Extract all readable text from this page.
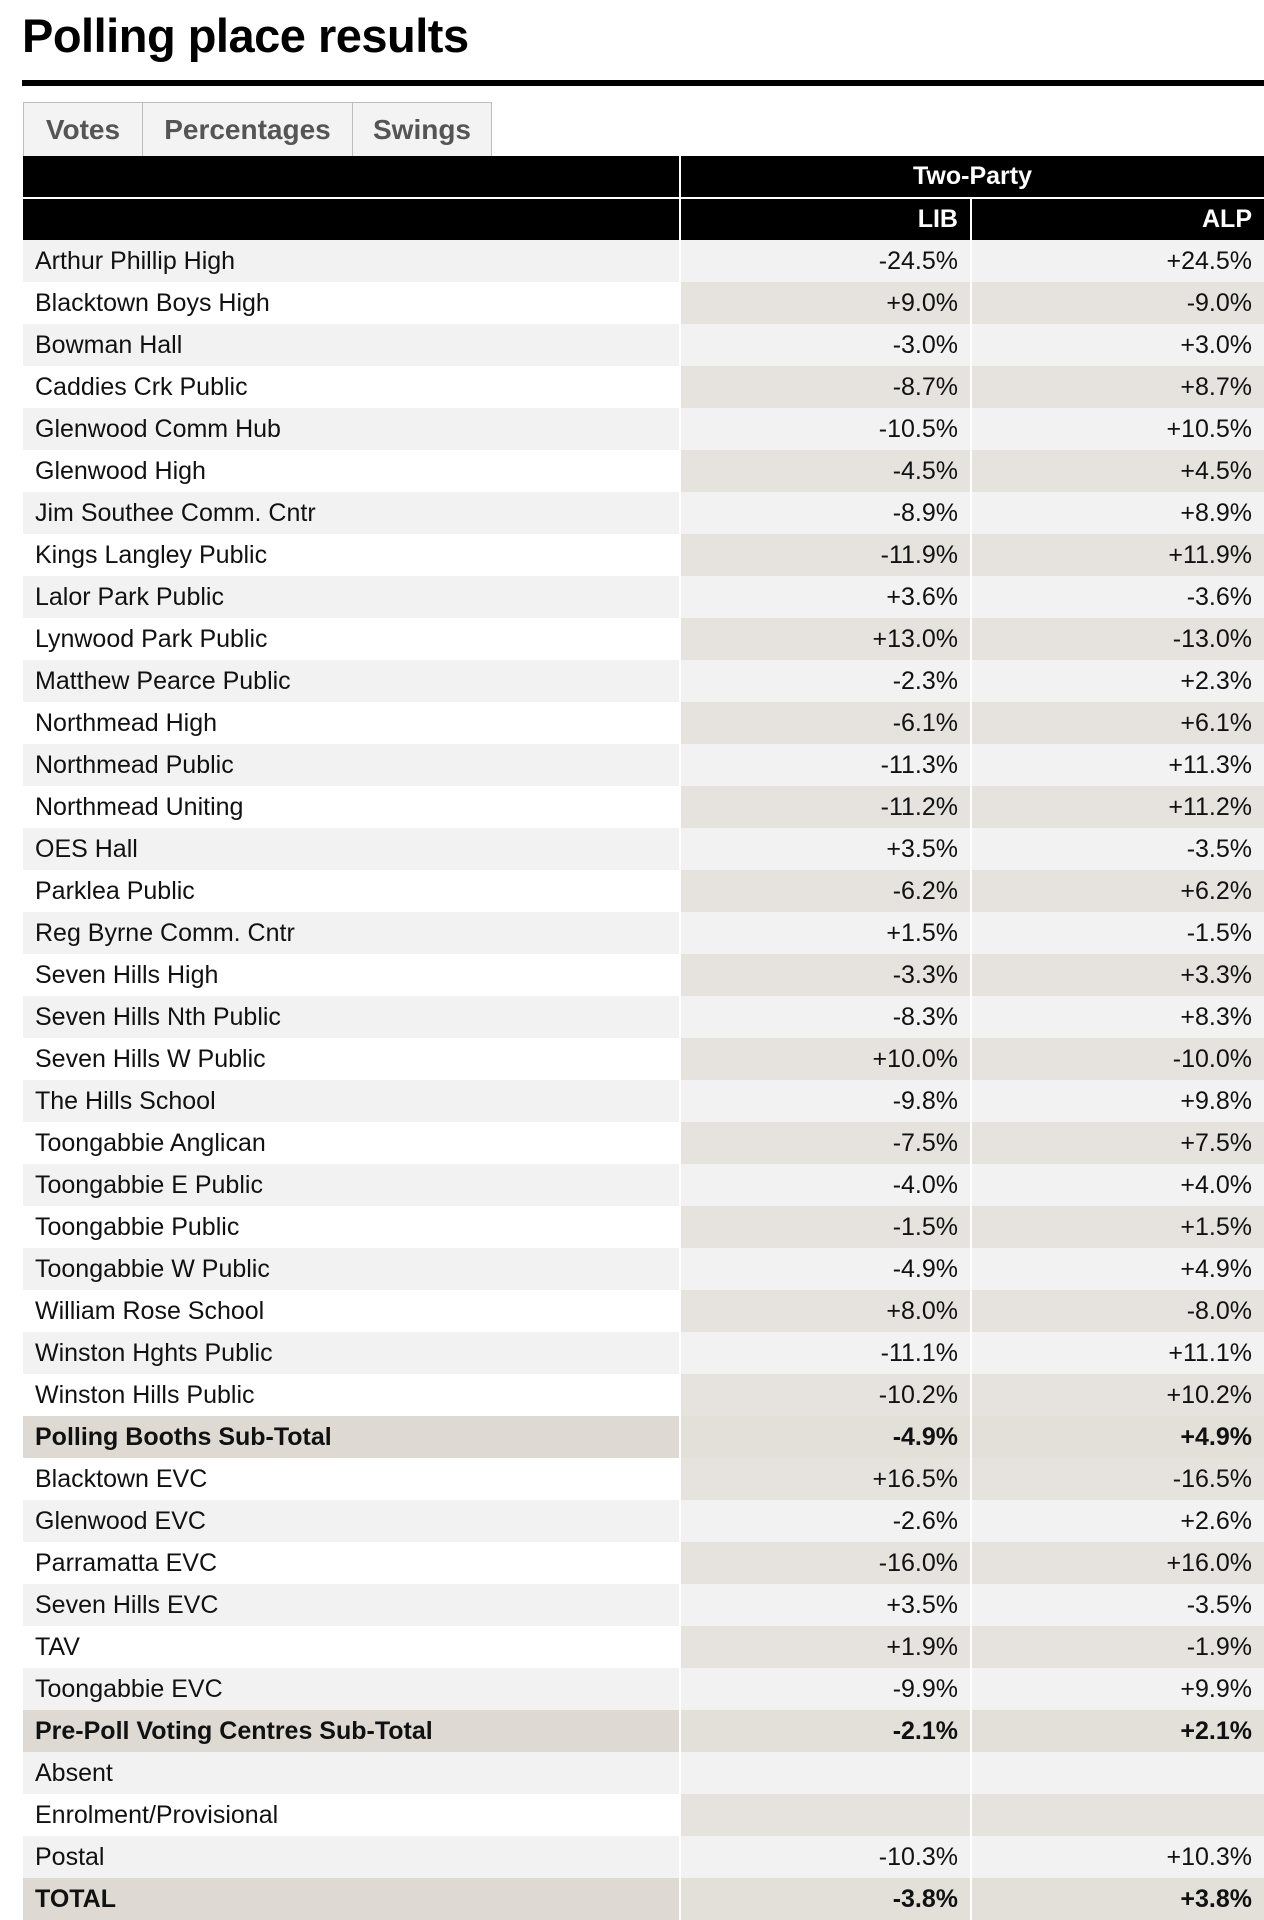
Polling place results
Votes	Percentages	Swings
	Two-Party	
	LIB	ALP
Arthur Phillip High	-24.5%	+24.5%
Blacktown Boys High	+9.0%	-9.0%
Bowman Hall	-3.0%	+3.0%
Caddies Crk Public	-8.7%	+8.7%
Glenwood Comm Hub	-10.5%	+10.5%
Glenwood High	-4.5%	+4.5%
Jim Southee Comm. Cntr	-8.9%	+8.9%
Kings Langley Public	-11.9%	+11.9%
Lalor Park Public	+3.6%	-3.6%
Lynwood Park Public	+13.0%	-13.0%
Matthew Pearce Public	-2.3%	+2.3%
Northmead High	-6.1%	+6.1%
Northmead Public	-11.3%	+11.3%
Northmead Uniting	-11.2%	+11.2%
OES Hall	+3.5%	-3.5%
Parklea Public	-6.2%	+6.2%
Reg Byrne Comm. Cntr	+1.5%	-1.5%
Seven Hills High	-3.3%	+3.3%
Seven Hills Nth Public	-8.3%	+8.3%
Seven Hills W Public	+10.0%	-10.0%
The Hills School	-9.8%	+9.8%
Toongabbie Anglican	-7.5%	+7.5%
Toongabbie E Public	-4.0%	+4.0%
Toongabbie Public	-1.5%	+1.5%
Toongabbie W Public	-4.9%	+4.9%
William Rose School	+8.0%	-8.0%
Winston Hghts Public	-11.1%	+11.1%
Winston Hills Public	-10.2%	+10.2%
Polling Booths Sub-Total	-4.9%	+4.9%
Blacktown EVC	+16.5%	-16.5%
Glenwood EVC	-2.6%	+2.6%
Parramatta EVC	-16.0%	+16.0%
Seven Hills EVC	+3.5%	-3.5%
TAV	+1.9%	-1.9%
Toongabbie EVC	-9.9%	+9.9%
Pre-Poll Voting Centres Sub-Total	-2.1%	+2.1%
Absent		
Enrolment/Provisional		
Postal	-10.3%	+10.3%
TOTAL	-3.8%	+3.8%
